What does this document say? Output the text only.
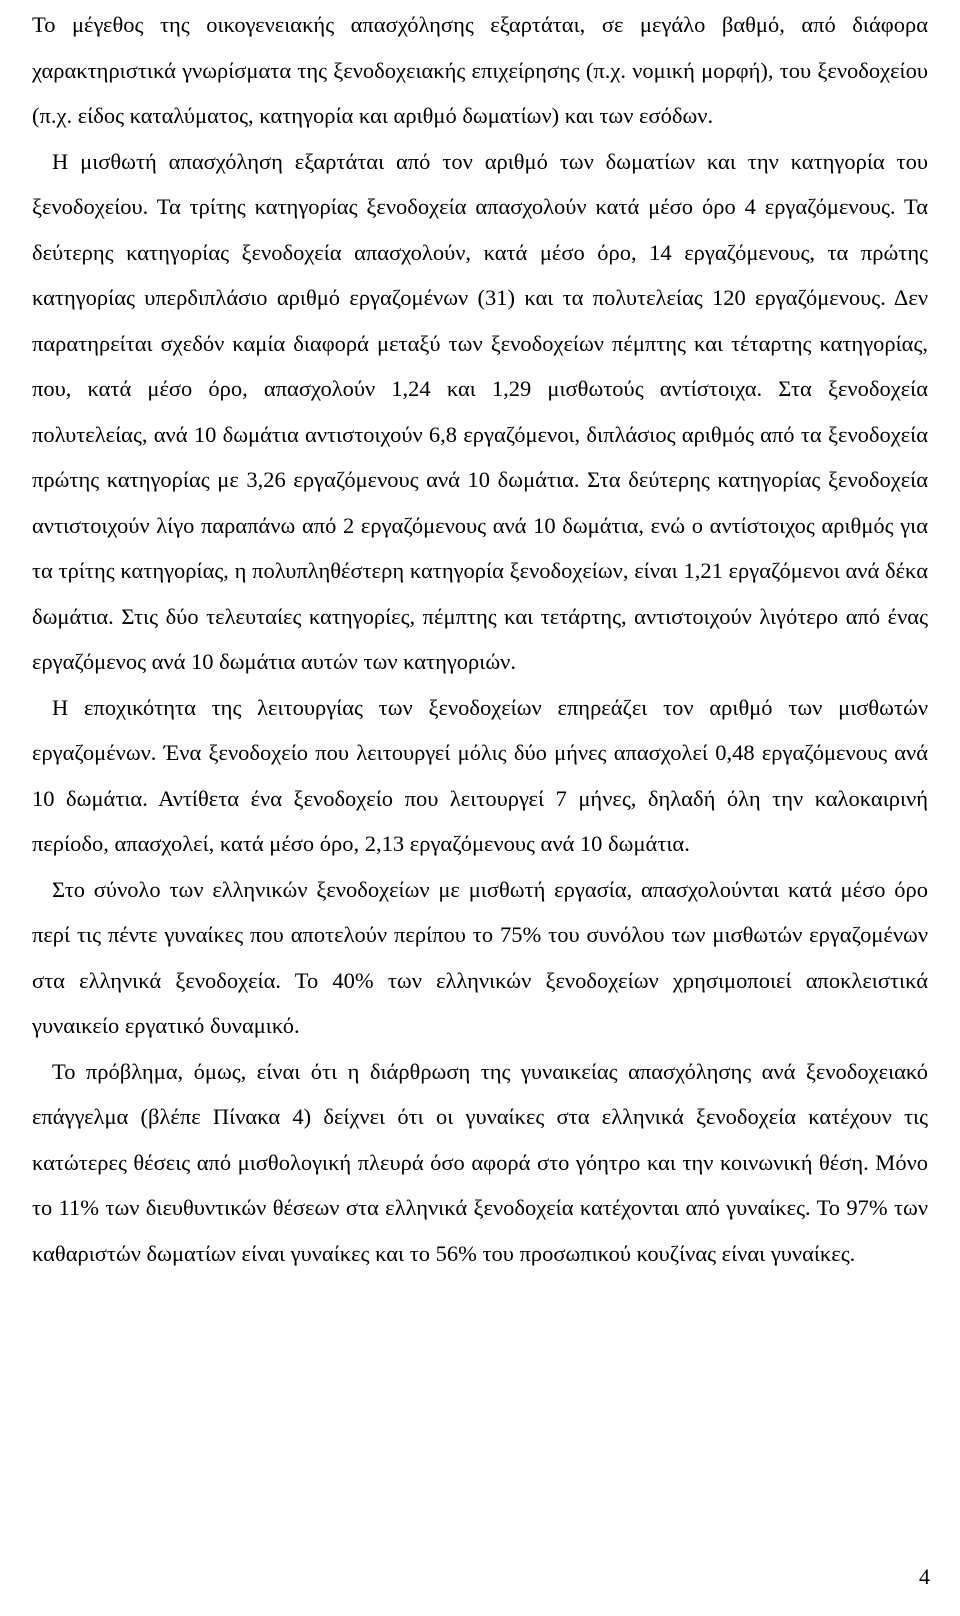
Το μέγεθος της οικογενειακής απασχόλησης εξαρτάται, σε μεγάλο βαθμό, από διάφορα χαρακτηριστικά γνωρίσματα της ξενοδοχειακής επιχείρησης (π.χ. νομική μορφή), του ξενοδοχείου (π.χ. είδος καταλύματος, κατηγορία και αριθμό δωματίων) και των εσόδων.

Η μισθωτή απασχόληση εξαρτάται από τον αριθμό των δωματίων και την κατηγορία του ξενοδοχείου. Τα τρίτης κατηγορίας ξενοδοχεία απασχολούν κατά μέσο όρο 4 εργαζόμενους. Τα δεύτερης κατηγορίας ξενοδοχεία απασχολούν, κατά μέσο όρο, 14 εργαζόμενους, τα πρώτης κατηγορίας υπερδιπλάσιο αριθμό εργαζομένων (31) και τα πολυτελείας 120 εργαζόμενους. Δεν παρατηρείται σχεδόν καμία διαφορά μεταξύ των ξενοδοχείων πέμπτης και τέταρτης κατηγορίας, που, κατά μέσο όρο, απασχολούν 1,24 και 1,29 μισθωτούς αντίστοιχα. Στα ξενοδοχεία πολυτελείας, ανά 10 δωμάτια αντιστοιχούν 6,8 εργαζόμενοι, διπλάσιος αριθμός από τα ξενοδοχεία πρώτης κατηγορίας με 3,26 εργαζόμενους ανά 10 δωμάτια. Στα δεύτερης κατηγορίας ξενοδοχεία αντιστοιχούν λίγο παραπάνω από 2 εργαζόμενους ανά 10 δωμάτια, ενώ ο αντίστοιχος αριθμός για τα τρίτης κατηγορίας, η πολυπληθέστερη κατηγορία ξενοδοχείων, είναι 1,21 εργαζόμενοι ανά δέκα δωμάτια. Στις δύο τελευταίες κατηγορίες, πέμπτης και τετάρτης, αντιστοιχούν λιγότερο από ένας εργαζόμενος ανά 10 δωμάτια αυτών των κατηγοριών.

Η εποχικότητα της λειτουργίας των ξενοδοχείων επηρεάζει τον αριθμό των μισθωτών εργαζομένων. Ένα ξενοδοχείο που λειτουργεί μόλις δύο μήνες απασχολεί 0,48 εργαζόμενους ανά 10 δωμάτια. Αντίθετα ένα ξενοδοχείο που λειτουργεί 7 μήνες, δηλαδή όλη την καλοκαιρινή περίοδο, απασχολεί, κατά μέσο όρο, 2,13 εργαζόμενους ανά 10 δωμάτια.

Στο σύνολο των ελληνικών ξενοδοχείων με μισθωτή εργασία, απασχολούνται κατά μέσο όρο περί τις πέντε γυναίκες που αποτελούν περίπου το 75% του συνόλου των μισθωτών εργαζομένων στα ελληνικά ξενοδοχεία. Το 40% των ελληνικών ξενοδοχείων χρησιμοποιεί αποκλειστικά γυναικείο εργατικό δυναμικό.

Το πρόβλημα, όμως, είναι ότι η διάρθρωση της γυναικείας απασχόλησης ανά ξενοδοχειακό επάγγελμα (βλέπε Πίνακα 4) δείχνει ότι οι γυναίκες στα ελληνικά ξενοδοχεία κατέχουν τις κατώτερες θέσεις από μισθολογική πλευρά όσο αφορά στο γόητρο και την κοινωνική θέση. Μόνο το 11% των διευθυντικών θέσεων στα ελληνικά ξενοδοχεία κατέχονται από γυναίκες. Το 97% των καθαριστών δωματίων είναι γυναίκες και το 56% του προσωπικού κουζίνας είναι γυναίκες.

4
